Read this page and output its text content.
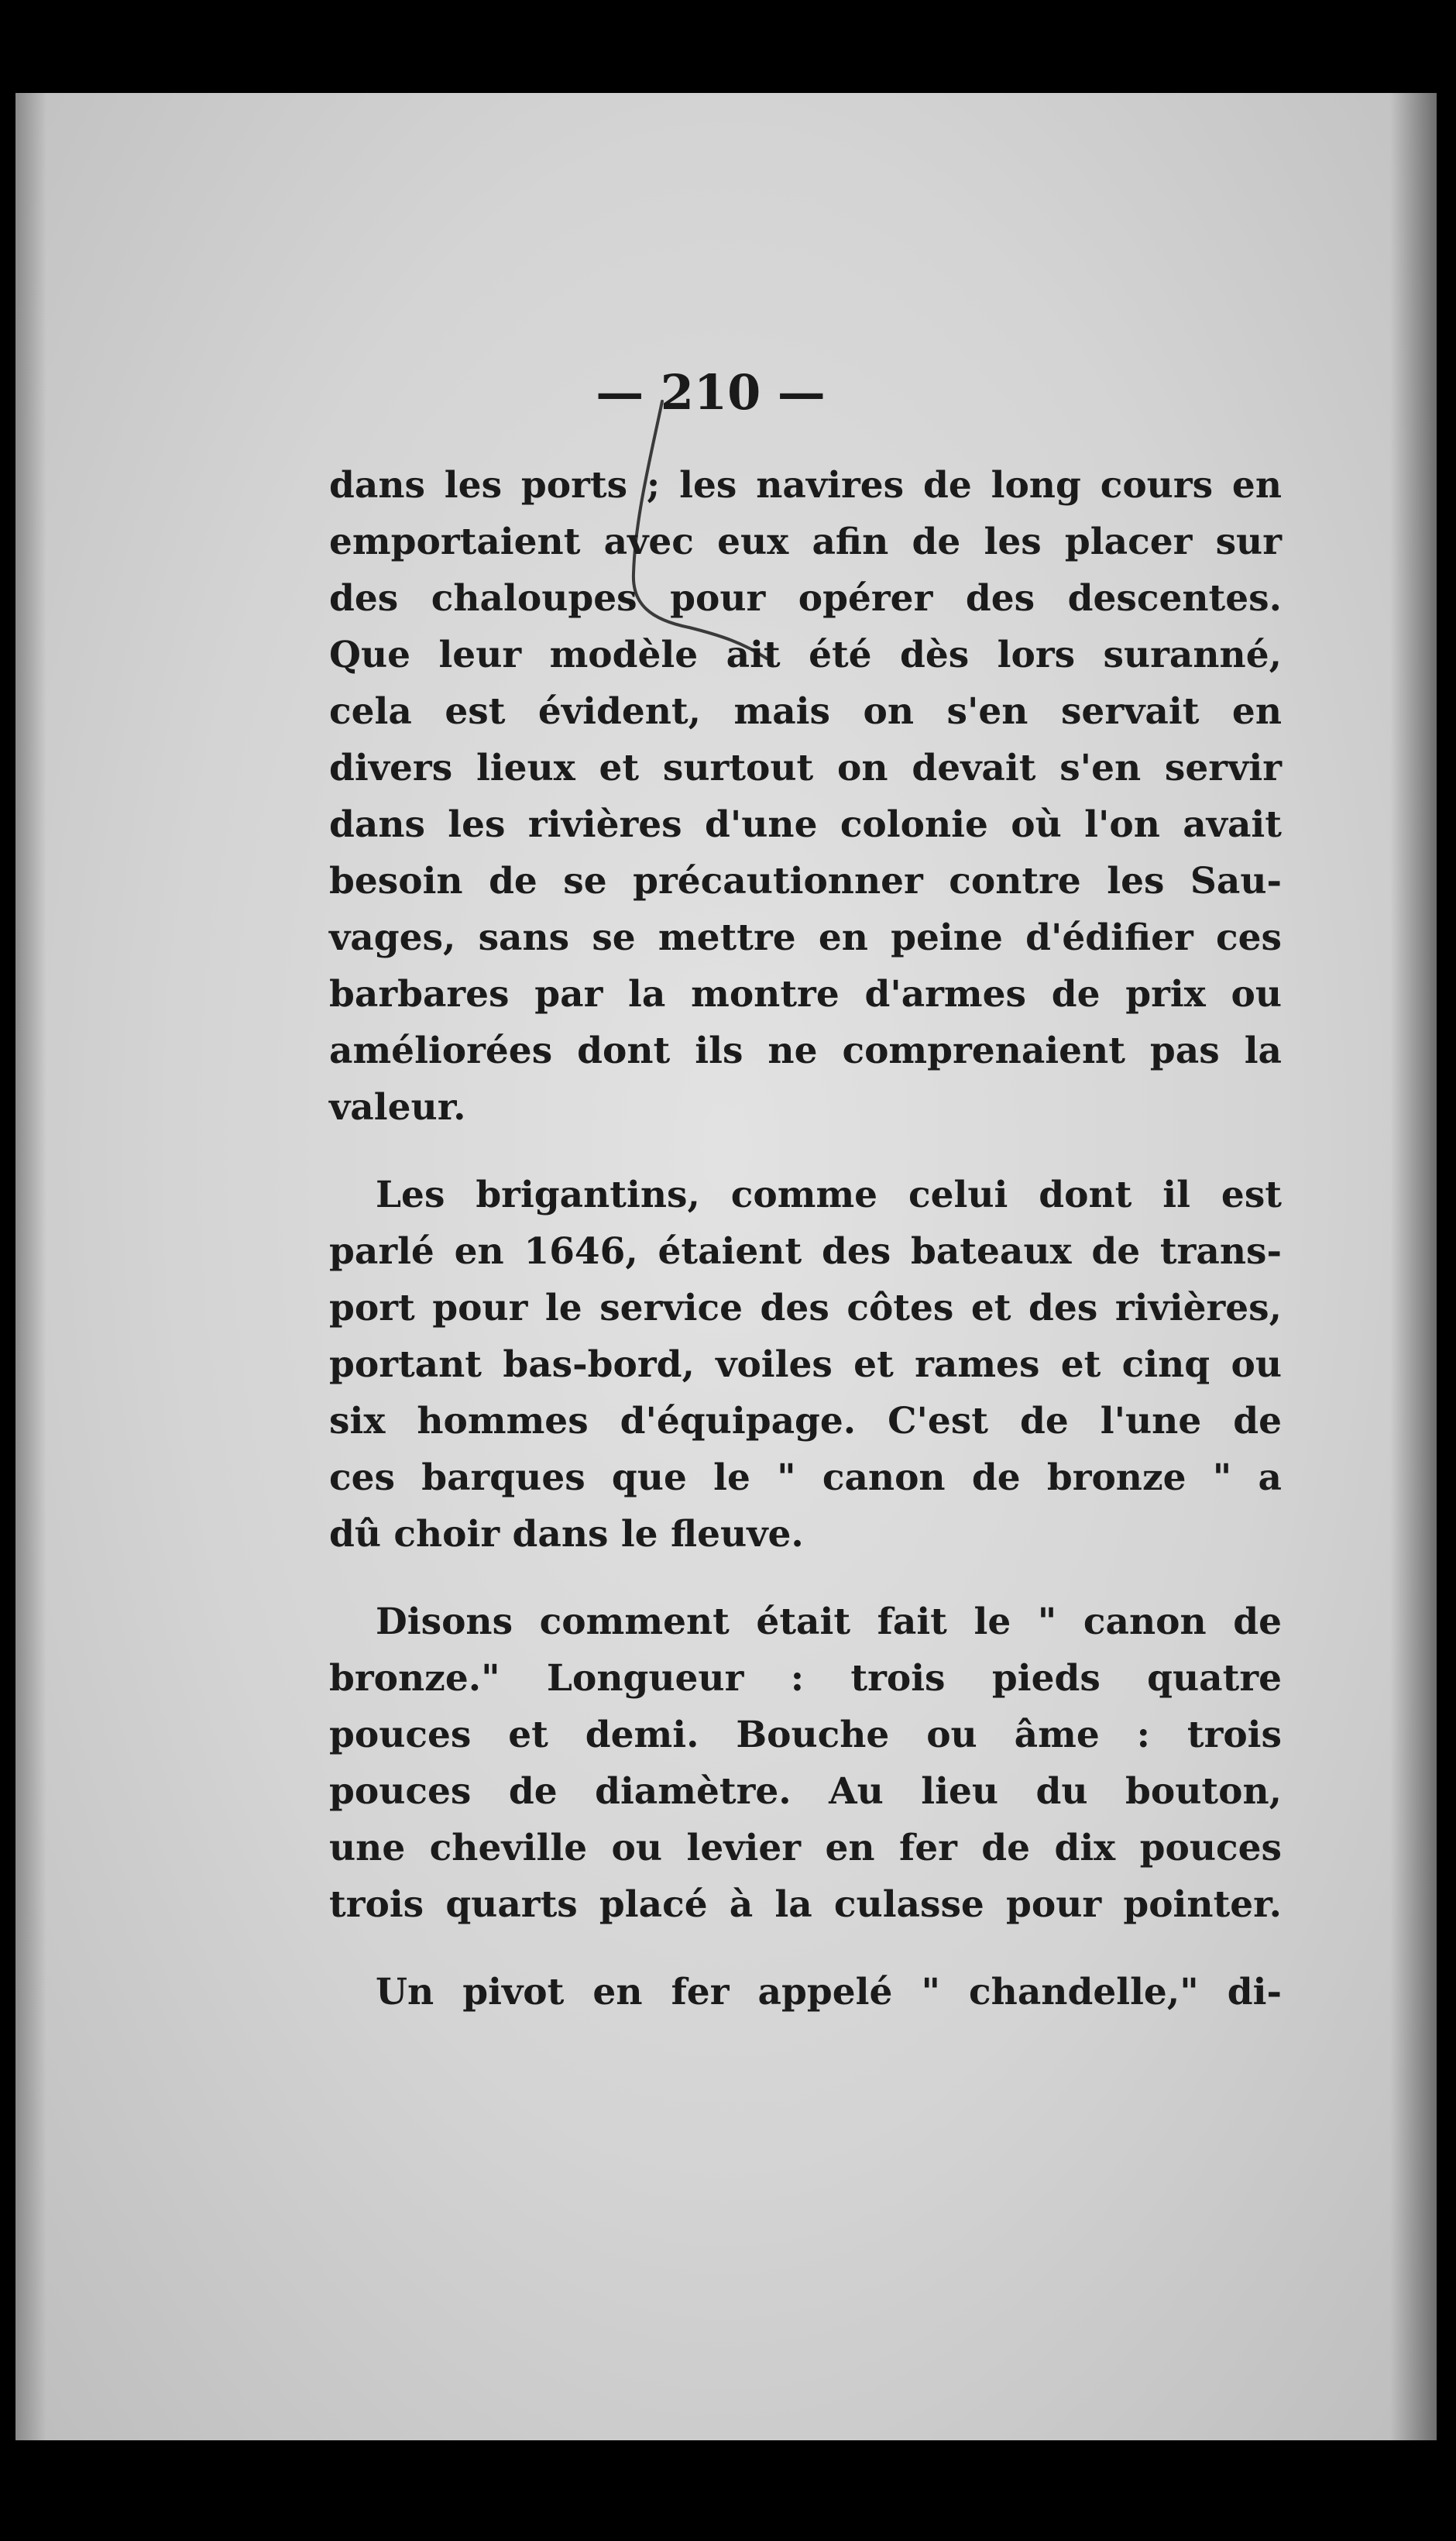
— 210 —
dans les ports ; les navires de long cours en
emportaient avec eux afin de les placer sur
des chaloupes pour opérer des descentes.
Que leur modèle ait été dès lors suranné,
cela est évident, mais on s'en servait en
divers lieux et surtout on devait s'en servir
dans les rivières d'une colonie où l'on avait
besoin de se précautionner contre les Sau-
vages, sans se mettre en peine d'édifier ces
barbares par la montre d'armes de prix ou
améliorées dont ils ne comprenaient pas la
valeur.
Les brigantins, comme celui dont il est
parlé en 1646, étaient des bateaux de trans-
port pour le service des côtes et des rivières,
portant bas-bord, voiles et rames et cinq ou
six hommes d'équipage. C'est de l'une de
ces barques que le " canon de bronze " a
dû choir dans le fleuve.
Disons comment était fait le " canon de
bronze." Longueur : trois pieds quatre
pouces et demi. Bouche ou âme : trois
pouces de diamètre. Au lieu du bouton,
une cheville ou levier en fer de dix pouces
trois quarts placé à la culasse pour pointer.
Un pivot en fer appelé " chandelle," di-
